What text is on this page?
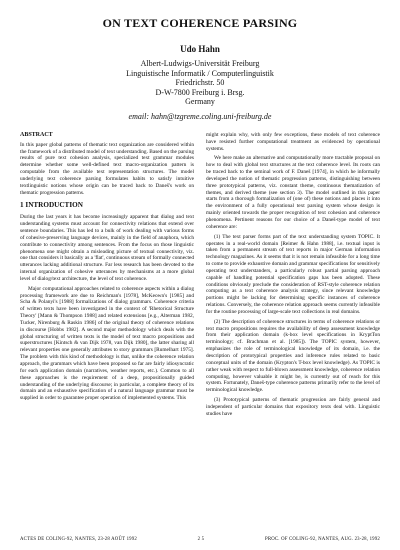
ON TEXT COHERENCE PARSING
Udo Hahn
Albert-Ludwigs-Universität Freiburg
Linguistische Informatik / Computerlinguistik
Friedrichstr. 50
D-W-7800 Freiburg i. Brsg.
Germany
email: hahn@tzgreme.coling.uni-freiburg.de
ABSTRACT

In this paper global patterns of thematic text organization are considered within the framework of a distributed model of text understanding. Based on the parsing results of pure text cohesion analysis, specialized text grammar modules determine whether some well-defined text macro-organization pattern is computable from the available text representation structures. The model underlying text coherence parsing formulates habits to satisfy intuitive textlinguistic notions whose origin can be traced back to Daneš's work on thematic progression patterns.

1 INTRODUCTION

During the last years it has become increasingly apparent that dialog and text understanding systems must account for connectivity relations that extend over sentence boundaries. This has led to a bulk of work dealing with various forms of cohesive-preserving language devices, mainly in the field of anaphora, which contribute to connectivity among sentences. From the focus on those linguistic phenomena one might obtain a misleading picture of textual connectivity, viz. one that considers it basically as a 'flat', continuous stream of formally connected utterances lacking additional structure. Far less research has been devoted to the internal organization of cohesive utterances by mechanisms at a more global level of dialog/text architecture, the level of text coherence.

Major computational approaches related to coherence aspects within a dialog processing framework are due to Reichman's [1978], McKeown's [1985] and Scha & Polanyi's [1988] formalizations of dialog grammars. Coherence criteria of written texts have been investigated in the context of 'Rhetorical Structure Theory' [Mann & Thompson 1988] and related extensions [e.g., Alterman 1982, Tucker, Nirenburg & Raskin 1986] of the original theory of coherence relations in discourse [Hobbs 1982]. A second major methodology which deals with the global structuring of written texts is the model of text macro propositions and superstructures [Kintsch & van Dijk 1978, van Dijk 1980], the latter sharing all relevant properties one generally attributes to story grammars [Rumelhart 1975]. The problem with this kind of methodology is that, unlike the coherence relation approach, the grammars which have been proposed so far are fairly idiosyncratic for each application domain (narratives, weather reports, etc.). Common to all these approaches is the requirement of a deep, propositionally guided understanding of the underlying discourse; in particular, a complete theory of its domain and an exhaustive specification of a natural language grammar must be supplied in order to guarantee proper operation of implemented systems. This

might explain why, with only few exceptions, these models of text coherence have resisted further computational treatment as evidenced by operational systems.

We here make an alternative and computationally more tractable proposal on how to deal with global text structures at the text coherence level. Its roots can be traced back to the seminal work of F. Daneš [1974], in which he informally developed the notion of thematic progression patterns, distinguishing between three prototypical patterns, viz. constant theme, continuous thematization of themes, and derived theme (see section 3). The model outlined in this paper starts from a thorough formalization of (one of) these notions and places it into the environment of a fully operational text parsing system whose design is mainly oriented towards the proper recognition of text cohesion and coherence phenomena. Pertinent reasons for our choice of a Daneš-type model of text coherence are:

(1) The text parser forms part of the text understanding system TOPIC. It operates in a real-world domain [Reimer & Hahn 1988], i.e. textual input is taken from a permanent stream of text reports in major German information technology magazines. As it seems that it is not remain infeasible for a long time to come to provide exhaustive domain and grammar specifications for sensitively operating text understanders, a particularly robust partial parsing approach capable of handling potential specification gaps has been adopted. These conditions obviously preclude the consideration of RST-style coherence relation computing as a text coherence analysis strategy, since relevant knowledge portions might be lacking for determining specific instances of coherence relations. Conversely, the coherence relation approach seems currently infeasible for the routine processing of large-scale text collections in real domains.

(2) The description of coherence structures in terms of coherence relations or text macro propositions requires the availability of deep assessment knowledge from their application domain (k-box level specifications in KryptTon terminology; cf. Brachman et al. [1985]). The TOPIC system, however, emphasizes the role of terminological knowledge of its domain, i.e. the description of prototypical properties and inference rules related to basic conceptual units of the domain (Krypton's T-box level knowledge). As TOPIC is rather weak with respect to full-blown assessment knowledge, coherence relation computing, however valuable it might be, is currently out of reach for this system. Fortunately, Daneš-type coherence patterns primarily refer to the level of terminological knowledge.

(3) Prototypical patterns of thematic progression are fairly general and independent of particular domains that expository texts deal with. Linguistic studies have

ACTES DE COLING-92, NANTES, 23-28 AOÛT 1992	2 5	PROC. OF COLING-92, NANTES, AUG. 23-28, 1992
